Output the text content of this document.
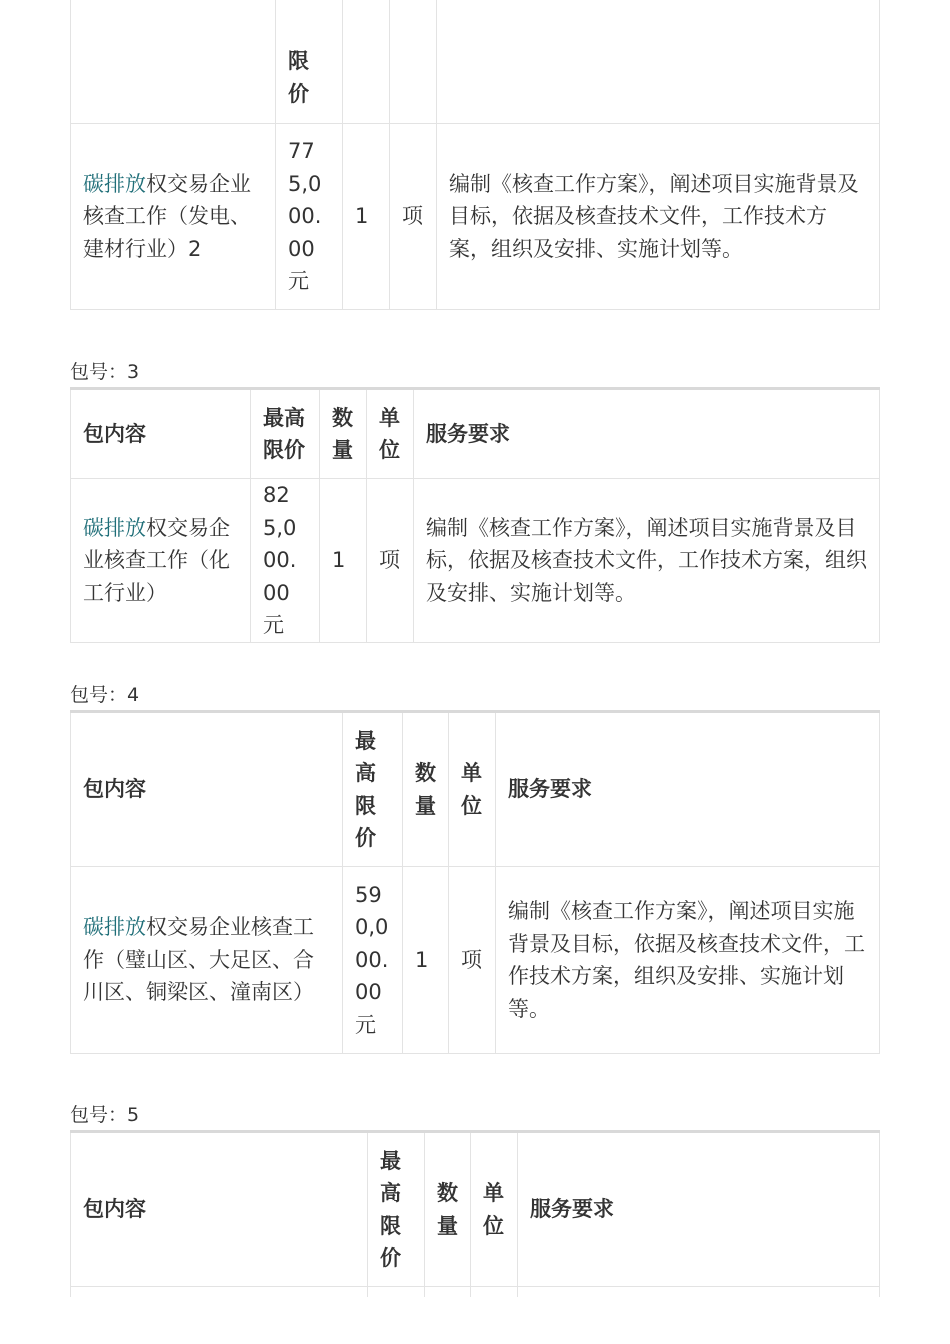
	限价			

碳排放权交易企业核查工作（发电、建材行业）2	775,000.00元	1	项	编制《核查工作方案》，阐述项目实施背景及目标，依据及核查技术文件，工作技术方案，组织及安排、实施计划等。
包号：3
包内容	最高限价	数量	单位	服务要求
碳排放权交易企业核查工作（化工行业）	825,000.00元	1	项	编制《核查工作方案》，阐述项目实施背景及目标，依据及核查技术文件，工作技术方案，组织及安排、实施计划等。
包号：4
包内容	最高限价	数量	单位	服务要求
碳排放权交易企业核查工作（璧山区、大足区、合川区、铜梁区、潼南区）	590,000.00元	1	项	编制《核查工作方案》，阐述项目实施背景及目标，依据及核查技术文件，工作技术方案，组织及安排、实施计划等。
包号：5
包内容	最高限价	数量	单位	服务要求
